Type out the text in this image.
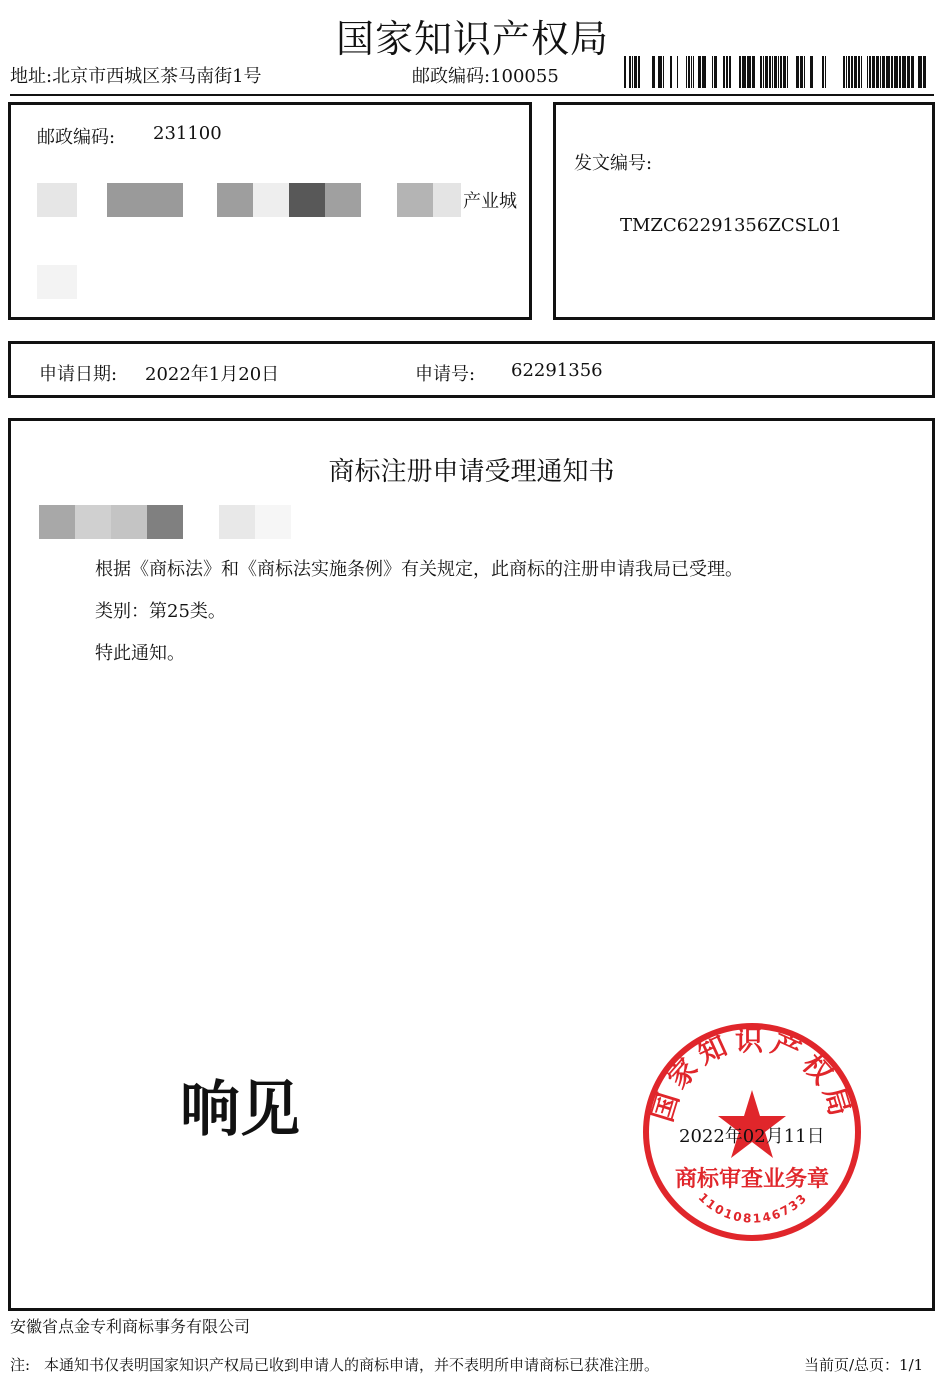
国家知识产权局
地址:北京市西城区茶马南街1号	邮政编码:100055
邮政编码: 231100
产业城
发文编号:
TMZC62291356ZCSL01
申请日期: 2022年1月20日	申请号: 62291356
商标注册申请受理通知书
根据《商标法》和《商标法实施条例》有关规定，此商标的注册申请我局已受理。
类别：第25类。
特此通知。
响见	国家知识产权局
商标审查业务章
110108146733
2022年02月11日
安徽省点金专利商标事务有限公司
注: 本通知书仅表明国家知识产权局已收到申请人的商标申请，并不表明所申请商标已获准注册。	当前页/总页：1/1
